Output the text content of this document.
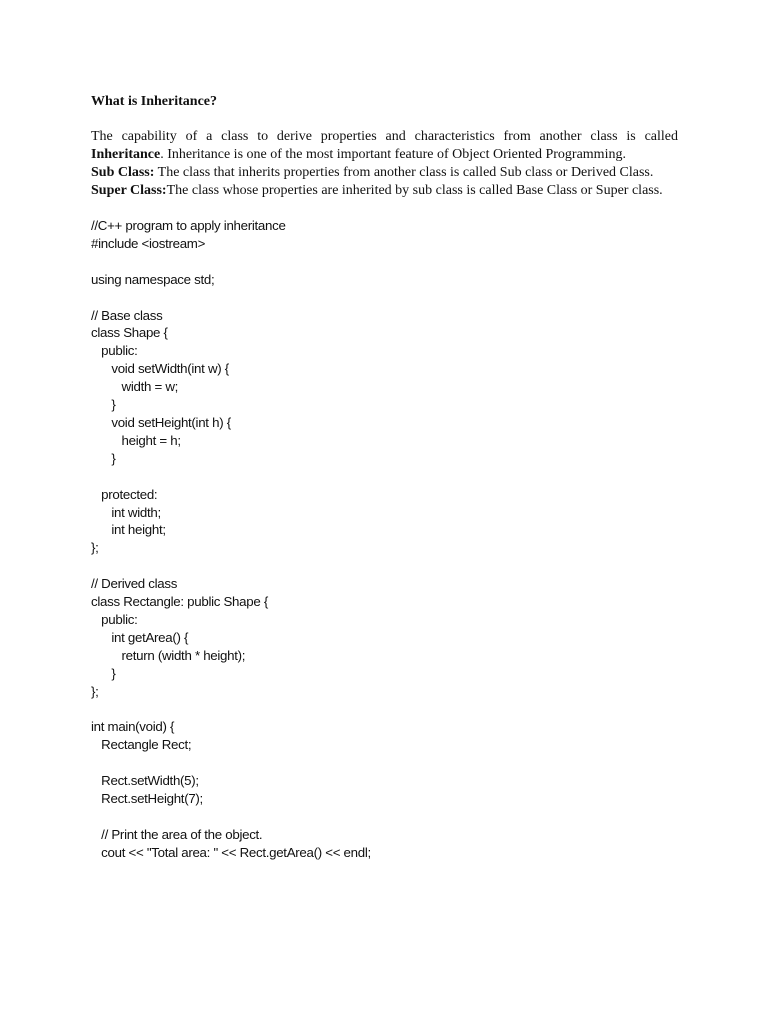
What is Inheritance?

The capability of a class to derive properties and characteristics from another class is called Inheritance. Inheritance is one of the most important feature of Object Oriented Programming.

Sub Class: The class that inherits properties from another class is called Sub class or Derived Class.

Super Class:The class whose properties are inherited by sub class is called Base Class or Super class.

//C++ program to apply inheritance
#include <iostream>

using namespace std;

// Base class
class Shape {
public:
void setWidth(int w) {
width = w;
}
void setHeight(int h) {
height = h;
}

protected:
int width;
int height;
};

// Derived class
class Rectangle: public Shape {
public:
int getArea() {
return (width * height);
}
};

int main(void) {
Rectangle Rect;

Rect.setWidth(5);
Rect.setHeight(7);

// Print the area of the object.
cout << "Total area: " << Rect.getArea() << endl;
